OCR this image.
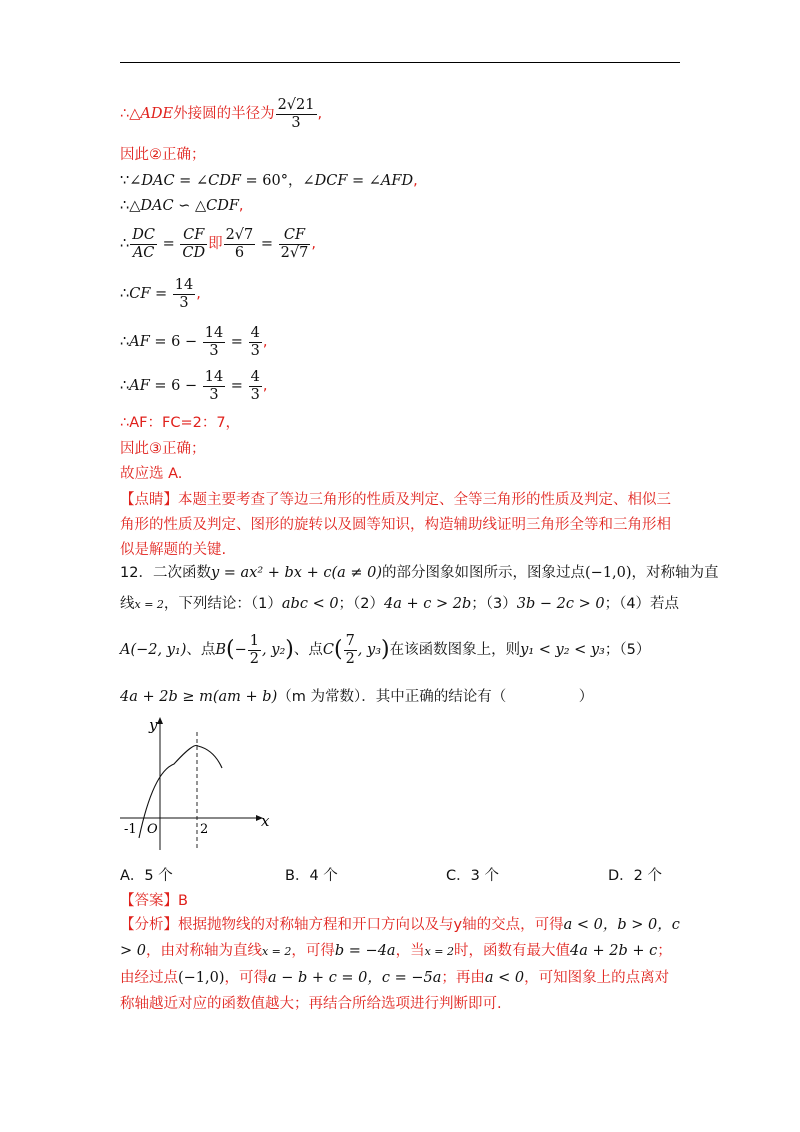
∴△ADE外接圆的半径为 $\frac{2√21}{3}$ ,
因此②正确；
∵∠DAC = ∠CDF = 60°，∠DCF = ∠AFD,
∴△DAC ∽ △CDF,
∴ $\frac{DC}{AC} = \frac{CF}{CD}$ 即 $\frac{2√7}{6} = \frac{CF}{2√7}$ ,
∴CF = $\frac{14}{3}$ ,
∴AF = $6 - \frac{14}{3} = \frac{4}{3}$ ,
∴AF = $6 - \frac{14}{3} = \frac{4}{3}$ ,
∴AF：FC=2：7，
因此③正确；
故应选 A.
【点睛】本题主要考查了等边三角形的性质及判定、全等三角形的性质及判定、相似三角形的性质及判定、图形的旋转以及圆等知识，构造辅助线证明三角形全等和三角形相似是解题的关键.
12．二次函数y = ax² + bx + c(a ≠ 0)的部分图象如图所示，图象过点(−1,0)，对称轴为直
线x = 2，下列结论：（1）abc < 0；（2）4a + c > 2b；（3）3b − 2c > 0；（4）若点
A(−2, y₁)、点$B(- \frac{1}{2}$ , y₂)、点$C( \frac{7}{2}$ , y₃)在该函数图象上，则y₁ < y₂ < y₃；（5）
4a + 2b ≥ m(am + b)（m 为常数）．其中正确的结论有（　　　　　）
y
x
-1 O	2
A．5 个	B．4 个	C．3 个	D．2 个
【答案】B
【分析】根据抛物线的对称轴方程和开口方向以及与y轴的交点，可得a < 0，b > 0，c > 0，由对称轴为直线x = 2，可得b = −4a，当x = 2时，函数有最大值4a + 2b + c；由经过点(−1,0)，可得a − b + c = 0，c = −5a；再由a < 0，可知图象上的点离对称轴越近对应的函数值越大；再结合所给选项进行判断即可.
